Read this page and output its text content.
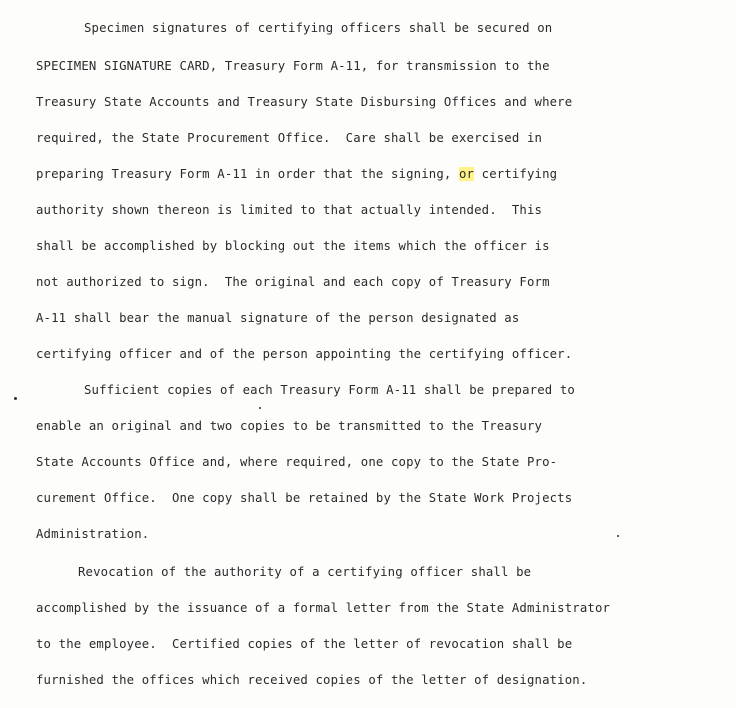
Specimen signatures of certifying officers shall be secured on
SPECIMEN SIGNATURE CARD, Treasury Form A-11, for transmission to the
Treasury State Accounts and Treasury State Disbursing Offices and where
required, the State Procurement Office.  Care shall be exercised in
preparing Treasury Form A-11 in order that the signing, or certifying
authority shown thereon is limited to that actually intended.  This
shall be accomplished by blocking out the items which the officer is
not authorized to sign.  The original and each copy of Treasury Form
A-11 shall bear the manual signature of the person designated as
certifying officer and of the person appointing the certifying officer.
Sufficient copies of each Treasury Form A-11 shall be prepared to
enable an original and two copies to be transmitted to the Treasury
State Accounts Office and, where required, one copy to the State Pro-
curement Office.  One copy shall be retained by the State Work Projects
Administration.
Revocation of the authority of a certifying officer shall be
accomplished by the issuance of a formal letter from the State Administrator
to the employee.  Certified copies of the letter of revocation shall be
furnished the offices which received copies of the letter of designation.
